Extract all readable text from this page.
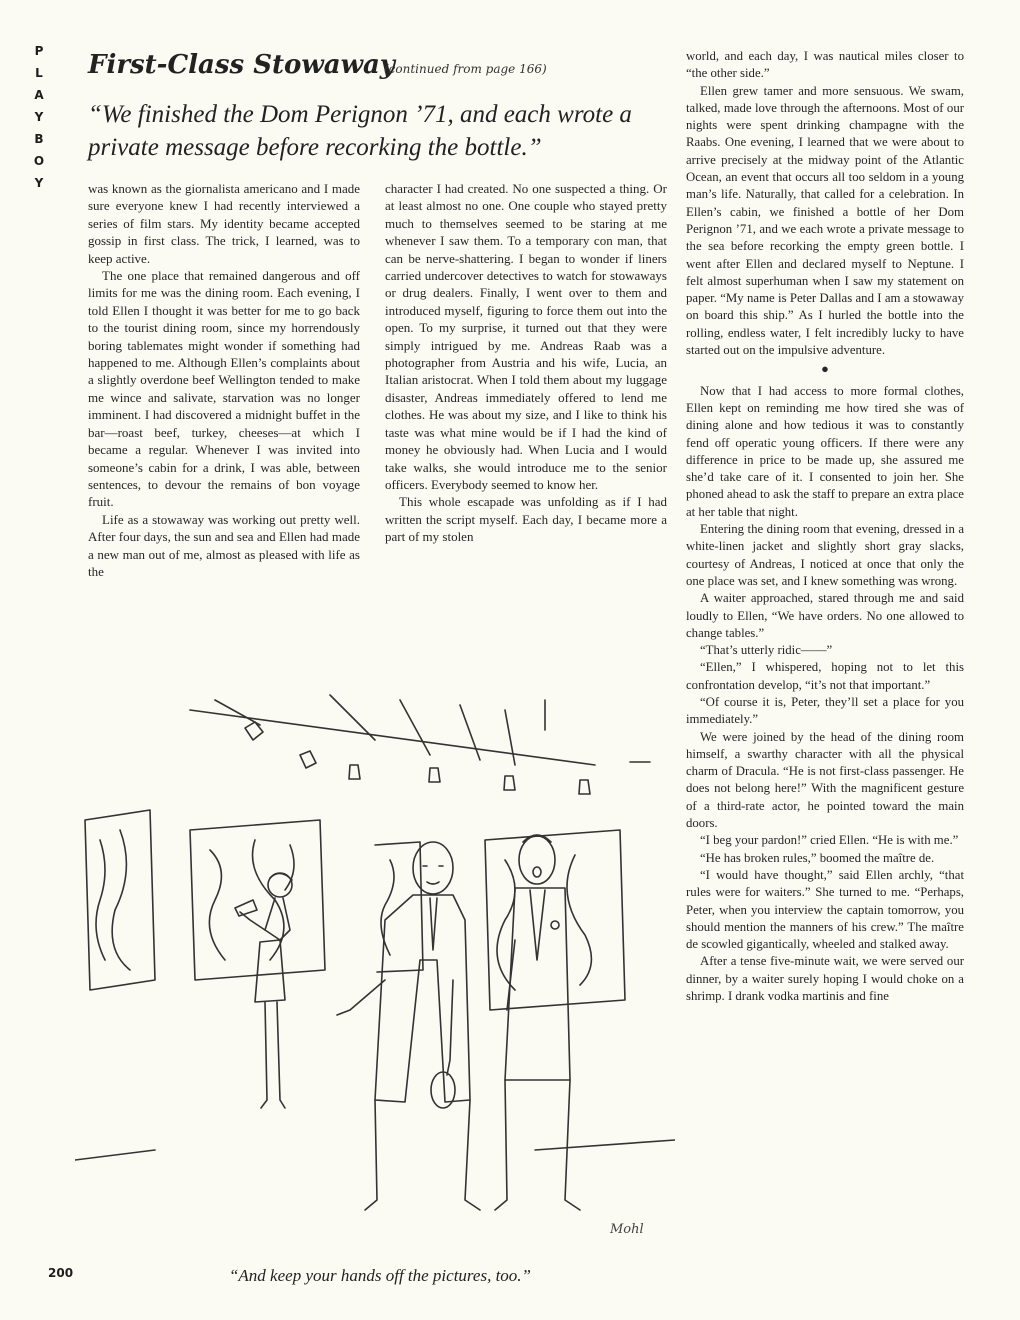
P
L
A
Y
B
O
Y
First-Class Stowaway
(continued from page 166)
“We finished the Dom Perignon ’71, and each wrote a private message before recorking the bottle.”

was known as the giornalista americano and I made sure everyone knew I had recently interviewed a series of film stars. My identity became accepted gossip in first class. The trick, I learned, was to keep active.

The one place that remained dangerous and off limits for me was the dining room. Each evening, I told Ellen I thought it was better for me to go back to the tourist dining room, since my horrendously boring tablemates might wonder if something had happened to me. Although Ellen’s complaints about a slightly overdone beef Wellington tended to make me wince and salivate, starvation was no longer imminent. I had discovered a midnight buffet in the bar—roast beef, turkey, cheeses—at which I became a regular. Whenever I was invited into someone’s cabin for a drink, I was able, between sentences, to devour the remains of bon voyage fruit.

Life as a stowaway was working out pretty well. After four days, the sun and sea and Ellen had made a new man out of me, almost as pleased with life as the

character I had created. No one suspected a thing. Or at least almost no one. One couple who stayed pretty much to themselves seemed to be staring at me whenever I saw them. To a temporary con man, that can be nerve-shattering. I began to wonder if liners carried undercover detectives to watch for stowaways or drug dealers. Finally, I went over to them and introduced myself, figuring to force them out into the open. To my surprise, it turned out that they were simply intrigued by me. Andreas Raab was a photographer from Austria and his wife, Lucia, an Italian aristocrat. When I told them about my luggage disaster, Andreas immediately offered to lend me clothes. He was about my size, and I like to think his taste was what mine would be if I had the kind of money he obviously had. When Lucia and I would take walks, she would introduce me to the senior officers. Everybody seemed to know her.

This whole escapade was unfolding as if I had written the script myself. Each day, I became more a part of my stolen

world, and each day, I was nautical miles closer to “the other side.”

Ellen grew tamer and more sensuous. We swam, talked, made love through the afternoons. Most of our nights were spent drinking champagne with the Raabs. One evening, I learned that we were about to arrive precisely at the midway point of the Atlantic Ocean, an event that occurs all too seldom in a young man’s life. Naturally, that called for a celebration. In Ellen’s cabin, we finished a bottle of her Dom Perignon ’71, and we each wrote a private message to the sea before recorking the empty green bottle. I went after Ellen and declared myself to Neptune. I felt almost superhuman when I saw my statement on paper. “My name is Peter Dallas and I am a stowaway on board this ship.” As I hurled the bottle into the rolling, endless water, I felt incredibly lucky to have started out on the impulsive adventure.

●

Now that I had access to more formal clothes, Ellen kept on reminding me how tired she was of dining alone and how tedious it was to constantly fend off operatic young officers. If there were any difference in price to be made up, she assured me she’d take care of it. I consented to join her. She phoned ahead to ask the staff to prepare an extra place at her table that night.

Entering the dining room that evening, dressed in a white-linen jacket and slightly short gray slacks, courtesy of Andreas, I noticed at once that only the one place was set, and I knew something was wrong.

A waiter approached, stared through me and said loudly to Ellen, “We have orders. No one allowed to change tables.”

“That’s utterly ridic——”

“Ellen,” I whispered, hoping not to let this confrontation develop, “it’s not that important.”

“Of course it is, Peter, they’ll set a place for you immediately.”

We were joined by the head of the dining room himself, a swarthy character with all the physical charm of Dracula. “He is not first-class passenger. He does not belong here!” With the magnificent gesture of a third-rate actor, he pointed toward the main doors.

“I beg your pardon!” cried Ellen. “He is with me.”

“He has broken rules,” boomed the maître de.

“I would have thought,” said Ellen archly, “that rules were for waiters.” She turned to me. “Perhaps, Peter, when you interview the captain tomorrow, you should mention the manners of his crew.” The maître de scowled gigantically, wheeled and stalked away.

After a tense five-minute wait, we were served our dinner, by a waiter surely hoping I would choke on a shrimp. I drank vodka martinis and fine

Mohl
“And keep your hands off the pictures, too.”
200
